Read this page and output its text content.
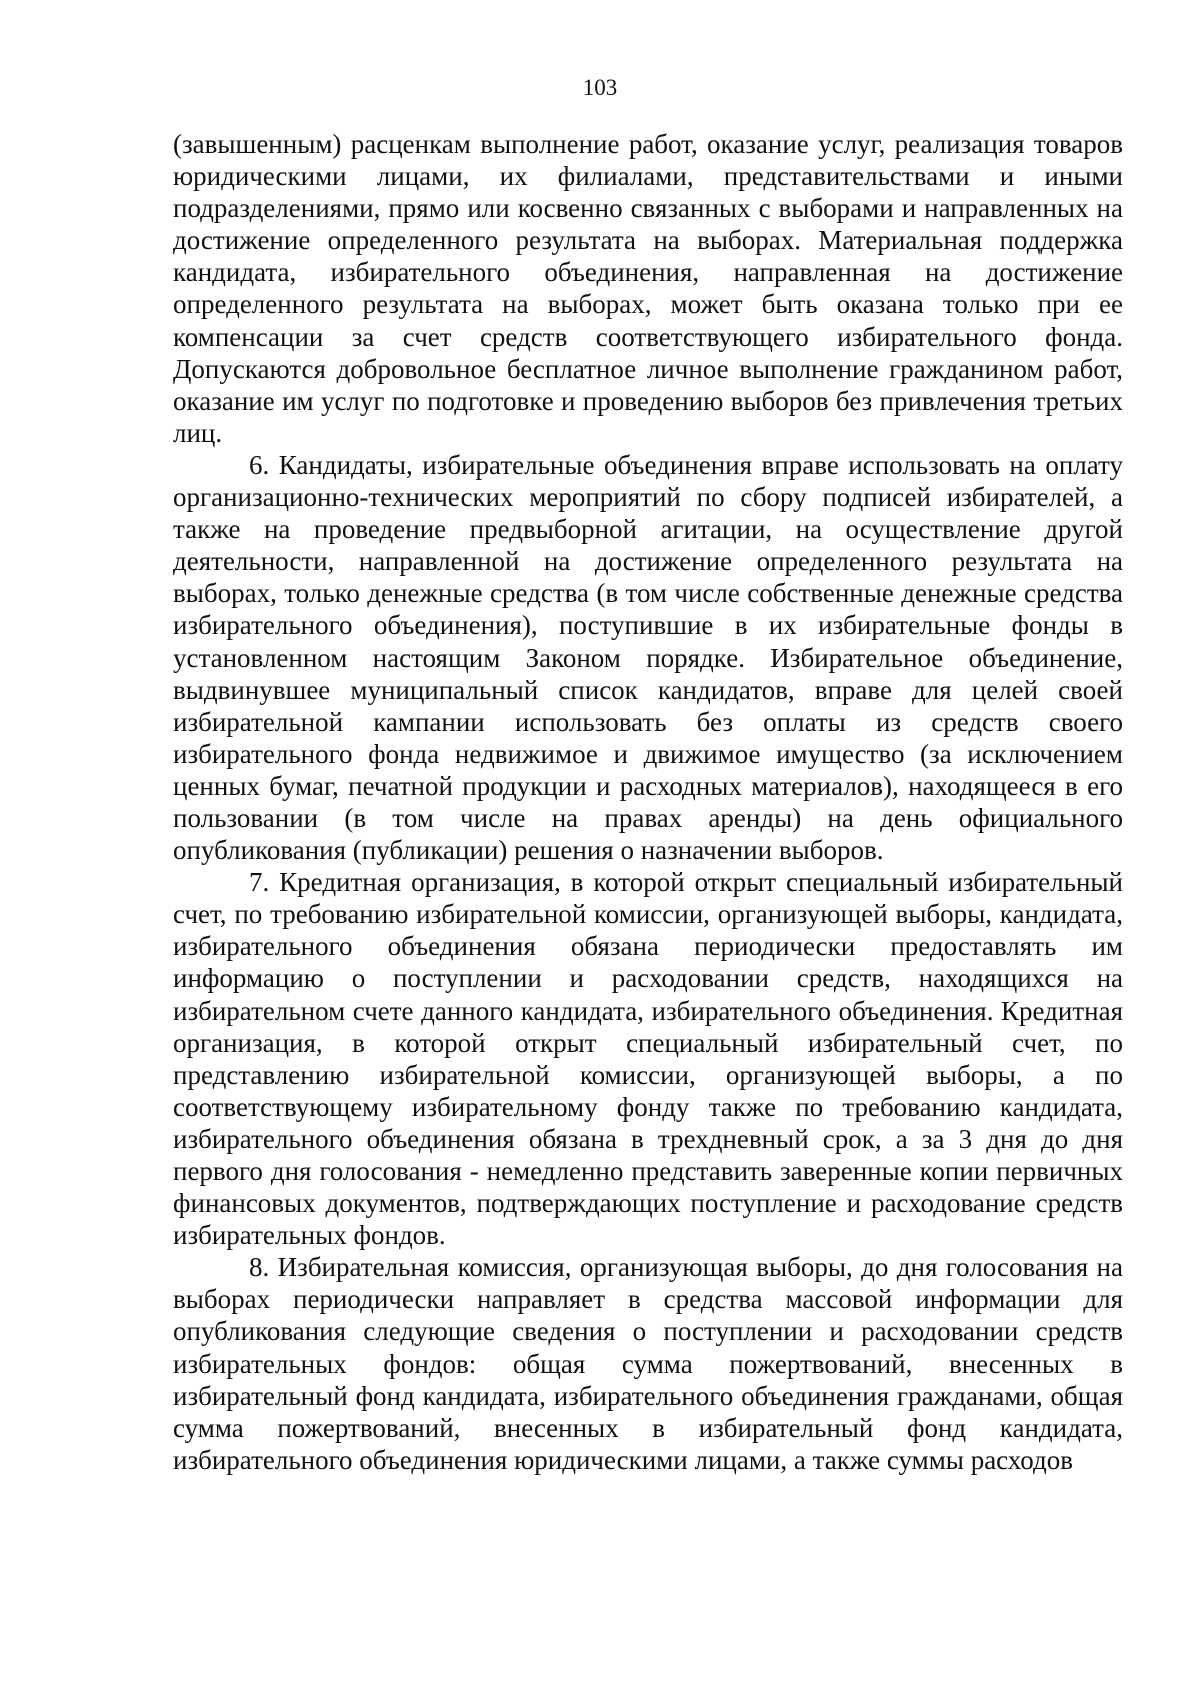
103

(завышенным) расценкам выполнение работ, оказание услуг, реализация товаров юридическими лицами, их филиалами, представительствами и иными подразделениями, прямо или косвенно связанных с выборами и направленных на достижение определенного результата на выборах. Материальная поддержка кандидата, избирательного объединения, направленная на достижение определенного результата на выборах, может быть оказана только при ее компенсации за счет средств соответствующего избирательного фонда. Допускаются добровольное бесплатное личное выполнение гражданином работ, оказание им услуг по подготовке и проведению выборов без привлечения третьих лиц.

6. Кандидаты, избирательные объединения вправе использовать на оплату организационно-технических мероприятий по сбору подписей избирателей, а также на проведение предвыборной агитации, на осуществление другой деятельности, направленной на достижение определенного результата на выборах, только денежные средства (в том числе собственные денежные средства избирательного объединения), поступившие в их избирательные фонды в установленном настоящим Законом порядке. Избирательное объединение, выдвинувшее муниципальный список кандидатов, вправе для целей своей избирательной кампании использовать без оплаты из средств своего избирательного фонда недвижимое и движимое имущество (за исключением ценных бумаг, печатной продукции и расходных материалов), находящееся в его пользовании (в том числе на правах аренды) на день официального опубликования (публикации) решения о назначении выборов.

7. Кредитная организация, в которой открыт специальный избирательный счет, по требованию избирательной комиссии, организующей выборы, кандидата, избирательного объединения обязана периодически предоставлять им информацию о поступлении и расходовании средств, находящихся на избирательном счете данного кандидата, избирательного объединения. Кредитная организация, в которой открыт специальный избирательный счет, по представлению избирательной комиссии, организующей выборы, а по соответствующему избирательному фонду также по требованию кандидата, избирательного объединения обязана в трехдневный срок, а за 3 дня до дня первого дня голосования - немедленно представить заверенные копии первичных финансовых документов, подтверждающих поступление и расходование средств избирательных фондов.

8. Избирательная комиссия, организующая выборы, до дня голосования на выборах периодически направляет в средства массовой информации для опубликования следующие сведения о поступлении и расходовании средств избирательных фондов: общая сумма пожертвований, внесенных в избирательный фонд кандидата, избирательного объединения гражданами, общая сумма пожертвований, внесенных в избирательный фонд кандидата, избирательного объединения юридическими лицами, а также суммы расходов
